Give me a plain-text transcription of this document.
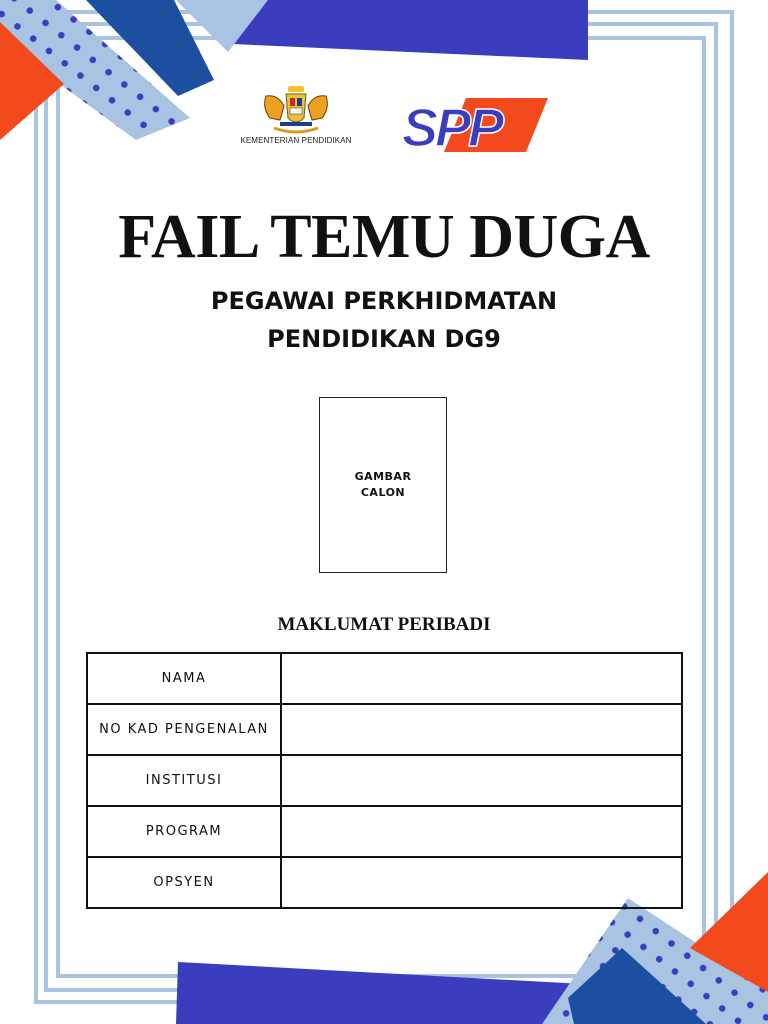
KEMENTERIAN PENDIDIKAN SPP
FAIL TEMU DUGA
PEGAWAI PERKHIDMATAN
PENDIDIKAN DG9
GAMBAR
CALON
MAKLUMAT PERIBADI
NAMA	
NO KAD PENGENALAN	
INSTITUSI	
PROGRAM	
OPSYEN	
